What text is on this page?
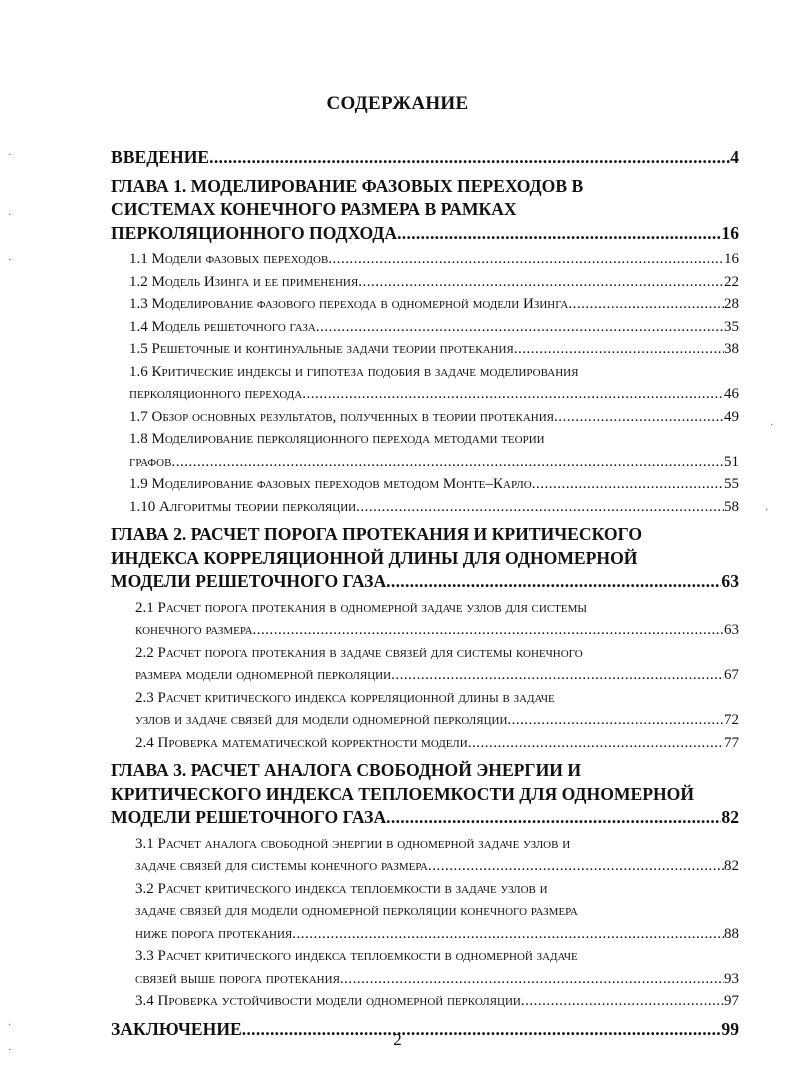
СОДЕРЖАНИЕ
ВВЕДЕНИЕ .....	4
ГЛАВА 1. МОДЕЛИРОВАНИЕ ФАЗОВЫХ ПЕРЕХОДОВ В
СИСТЕМАХ КОНЕЧНОГО РАЗМЕРА В РАМКАХ
ПЕРКОЛЯЦИОННОГО ПОДХОДА .....	16
1.1 Модели фазовых переходов .....	16
1.2 Модель Изинга и ее применения .....	22
1.3 Моделирование фазового перехода в одномерной модели Изинга .....	28
1.4 Модель решеточного газа .....	35
1.5 Решеточные и континуальные задачи теории протекания .....	38
1.6 Критические индексы и гипотеза подобия в задаче моделирования
перколяционного перехода .....	46
1.7 Обзор основных результатов, полученных в теории протекания .....	49
1.8 Моделирование перколяционного перехода методами теории
графов .....	51
1.9 Моделирование фазовых переходов методом Монте–Карло .....	55
1.10 Алгоритмы теории перколяции .....	58
ГЛАВА 2. РАСЧЕТ ПОРОГА ПРОТЕКАНИЯ И КРИТИЧЕСКОГО
ИНДЕКСА КОРРЕЛЯЦИОННОЙ ДЛИНЫ ДЛЯ ОДНОМЕРНОЙ
МОДЕЛИ РЕШЕТОЧНОГО ГАЗА .....	63
2.1 Расчет порога протекания в одномерной задаче узлов для системы
конечного размера .....	63
2.2 Расчет порога протекания в задаче связей для системы конечного
размера модели одномерной перколяции .....	67
2.3 Расчет критического индекса корреляционной длины в задаче
узлов и задаче связей для модели одномерной перколяции .....	72
2.4 Проверка математической корректности модели .....	77
ГЛАВА 3. РАСЧЕТ АНАЛОГА СВОБОДНОЙ ЭНЕРГИИ И
КРИТИЧЕСКОГО ИНДЕКСА ТЕПЛОЕМКОСТИ ДЛЯ ОДНОМЕРНОЙ
МОДЕЛИ РЕШЕТОЧНОГО ГАЗА .....	82
3.1 Расчет аналога свободной энергии в одномерной задаче узлов и
задаче связей для системы конечного размера .....	82
3.2 Расчет критического индекса теплоемкости в задаче узлов и
задаче связей для модели одномерной перколяции конечного размера
ниже порога протекания .....	88
3.3 Расчет критического индекса теплоемкости в одномерной задаче
связей выше порога протекания .....	93
3.4 Проверка устойчивости модели одномерной перколяции .....	97
ЗАКЛЮЧЕНИЕ .....	99
2
·
·
·
·
·
·
·
